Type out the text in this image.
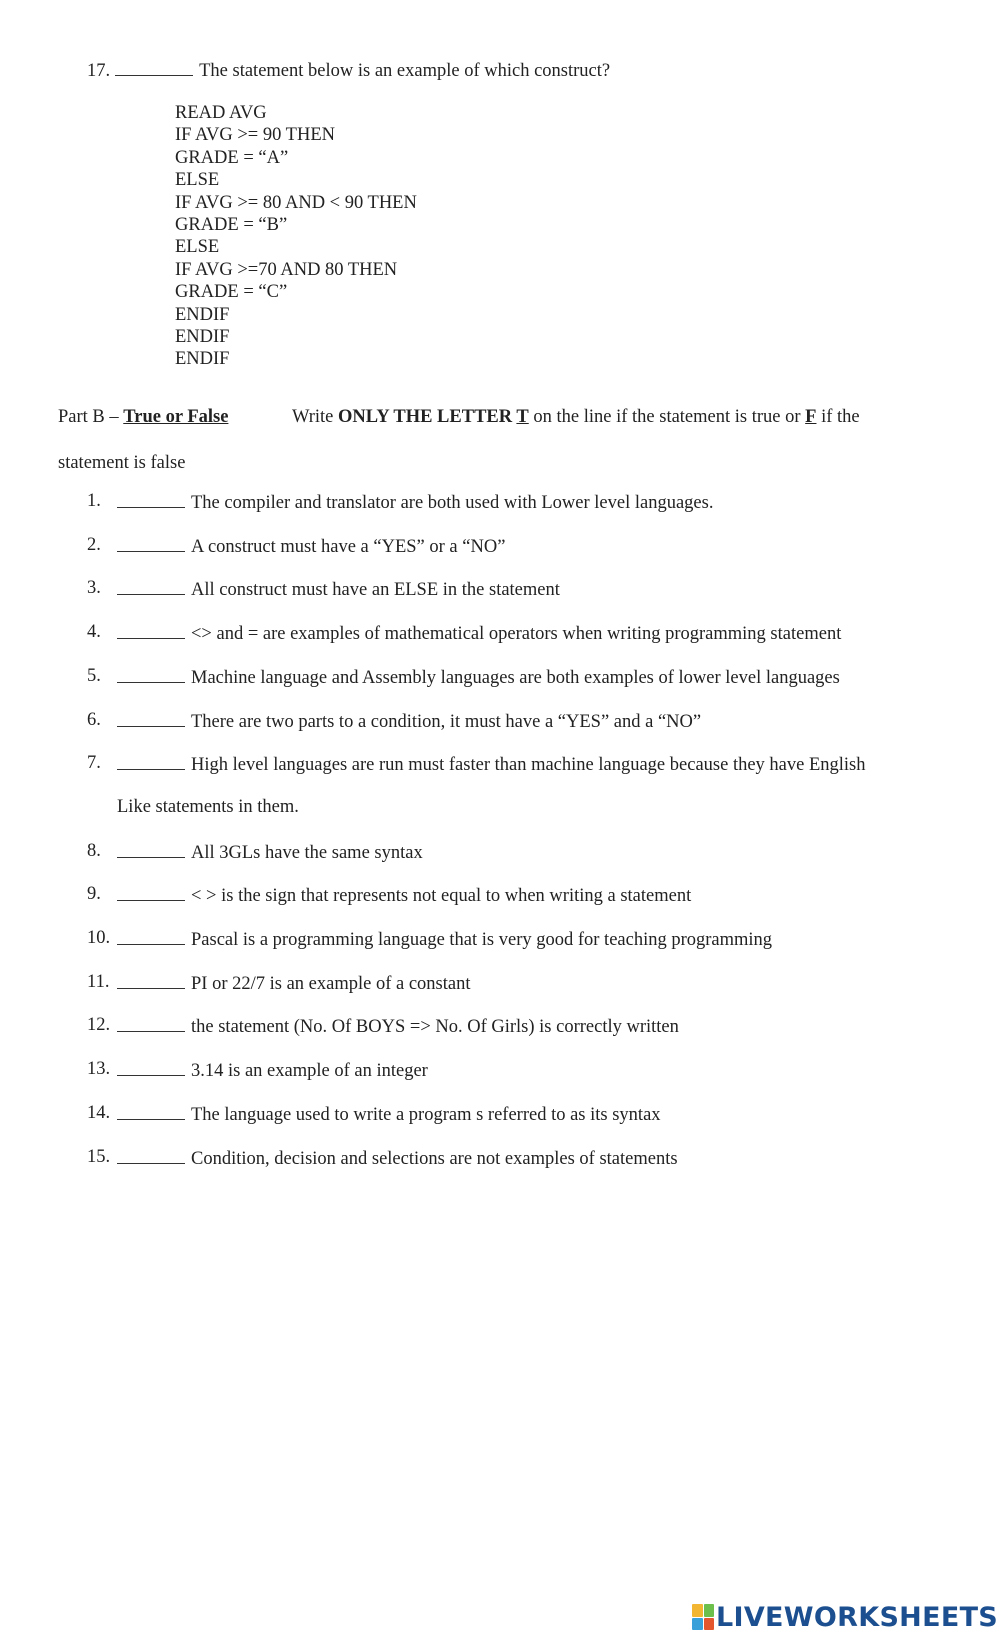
17.	The statement below is an example of which construct?
READ AVG
IF AVG >= 90 THEN
GRADE = “A”
ELSE
IF AVG >= 80 AND < 90 THEN
GRADE = “B”
ELSE
IF AVG >=70 AND 80 THEN
GRADE = “C”
ENDIF
ENDIF
ENDIF
Part B – True or False	Write ONLY THE LETTER T on the line if the statement is true or F if the
statement is false
1.	The compiler and translator are both used with Lower level languages.
2.	A construct must have a “YES” or a “NO”
3.	All construct must have an ELSE in the statement
4.	<> and = are examples of mathematical operators when writing programming statement
5.	Machine language and Assembly languages are both examples of lower level languages
6.	There are two parts to a condition, it must have a “YES” and a “NO”
7.	High level languages are run must faster than machine language because they have English
Like statements in them.
8.	All 3GLs have the same syntax
9.	< > is the sign that represents not equal to when writing a statement
10.	Pascal is a programming language that is very good for teaching programming
11.	PI or 22/7 is an example of a constant
12.	the statement (No. Of BOYS => No. Of Girls) is correctly written
13.	3.14 is an example of an integer
14.	The language used to write a program s referred to as its syntax
15.	Condition, decision and selections are not examples of statements
LIVEWORKSHEETS
